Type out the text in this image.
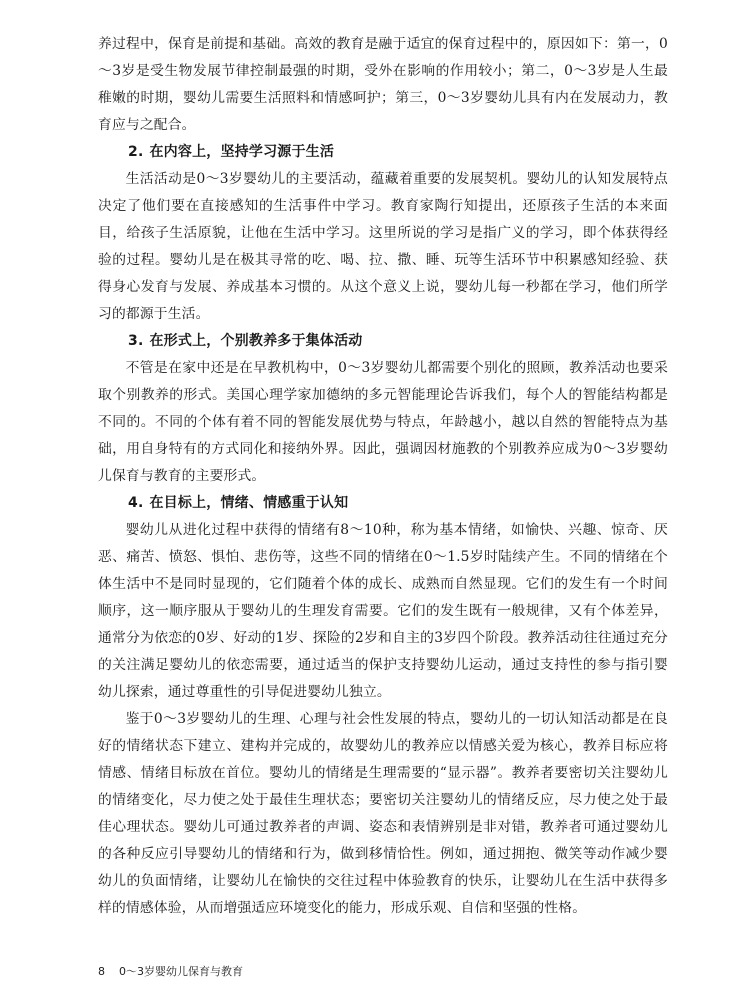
养过程中，保育是前提和基础。高效的教育是融于适宜的保育过程中的，原因如下：第一，0～3岁是受生物发展节律控制最强的时期，受外在影响的作用较小；第二，0～3岁是人生最稚嫩的时期，婴幼儿需要生活照料和情感呵护；第三，0～3岁婴幼儿具有内在发展动力，教育应与之配合。

2. 在内容上，坚持学习源于生活

生活活动是0～3岁婴幼儿的主要活动，蕴藏着重要的发展契机。婴幼儿的认知发展特点决定了他们要在直接感知的生活事件中学习。教育家陶行知提出，还原孩子生活的本来面目，给孩子生活原貌，让他在生活中学习。这里所说的学习是指广义的学习，即个体获得经验的过程。婴幼儿是在极其寻常的吃、喝、拉、撒、睡、玩等生活环节中积累感知经验、获得身心发育与发展、养成基本习惯的。从这个意义上说，婴幼儿每一秒都在学习，他们所学习的都源于生活。

3. 在形式上，个别教养多于集体活动

不管是在家中还是在早教机构中，0～3岁婴幼儿都需要个别化的照顾，教养活动也要采取个别教养的形式。美国心理学家加德纳的多元智能理论告诉我们，每个人的智能结构都是不同的。不同的个体有着不同的智能发展优势与特点，年龄越小，越以自然的智能特点为基础，用自身特有的方式同化和接纳外界。因此，强调因材施教的个别教养应成为0～3岁婴幼儿保育与教育的主要形式。

4. 在目标上，情绪、情感重于认知

婴幼儿从进化过程中获得的情绪有8～10种，称为基本情绪，如愉快、兴趣、惊奇、厌恶、痛苦、愤怒、惧怕、悲伤等，这些不同的情绪在0～1.5岁时陆续产生。不同的情绪在个体生活中不是同时显现的，它们随着个体的成长、成熟而自然显现。它们的发生有一个时间顺序，这一顺序服从于婴幼儿的生理发育需要。它们的发生既有一般规律，又有个体差异，通常分为依恋的0岁、好动的1岁、探险的2岁和自主的3岁四个阶段。教养活动往往通过充分的关注满足婴幼儿的依恋需要，通过适当的保护支持婴幼儿运动，通过支持性的参与指引婴幼儿探索，通过尊重性的引导促进婴幼儿独立。

鉴于0～3岁婴幼儿的生理、心理与社会性发展的特点，婴幼儿的一切认知活动都是在良好的情绪状态下建立、建构并完成的，故婴幼儿的教养应以情感关爱为核心，教养目标应将情感、情绪目标放在首位。婴幼儿的情绪是生理需要的“显示器”。教养者要密切关注婴幼儿的情绪变化，尽力使之处于最佳生理状态；要密切关注婴幼儿的情绪反应，尽力使之处于最佳心理状态。婴幼儿可通过教养者的声调、姿态和表情辨别是非对错，教养者可通过婴幼儿的各种反应引导婴幼儿的情绪和行为，做到移情恰性。例如，通过拥抱、微笑等动作减少婴幼儿的负面情绪，让婴幼儿在愉快的交往过程中体验教育的快乐，让婴幼儿在生活中获得多样的情感体验，从而增强适应环境变化的能力，形成乐观、自信和坚强的性格。

8 0～3岁婴幼儿保育与教育
